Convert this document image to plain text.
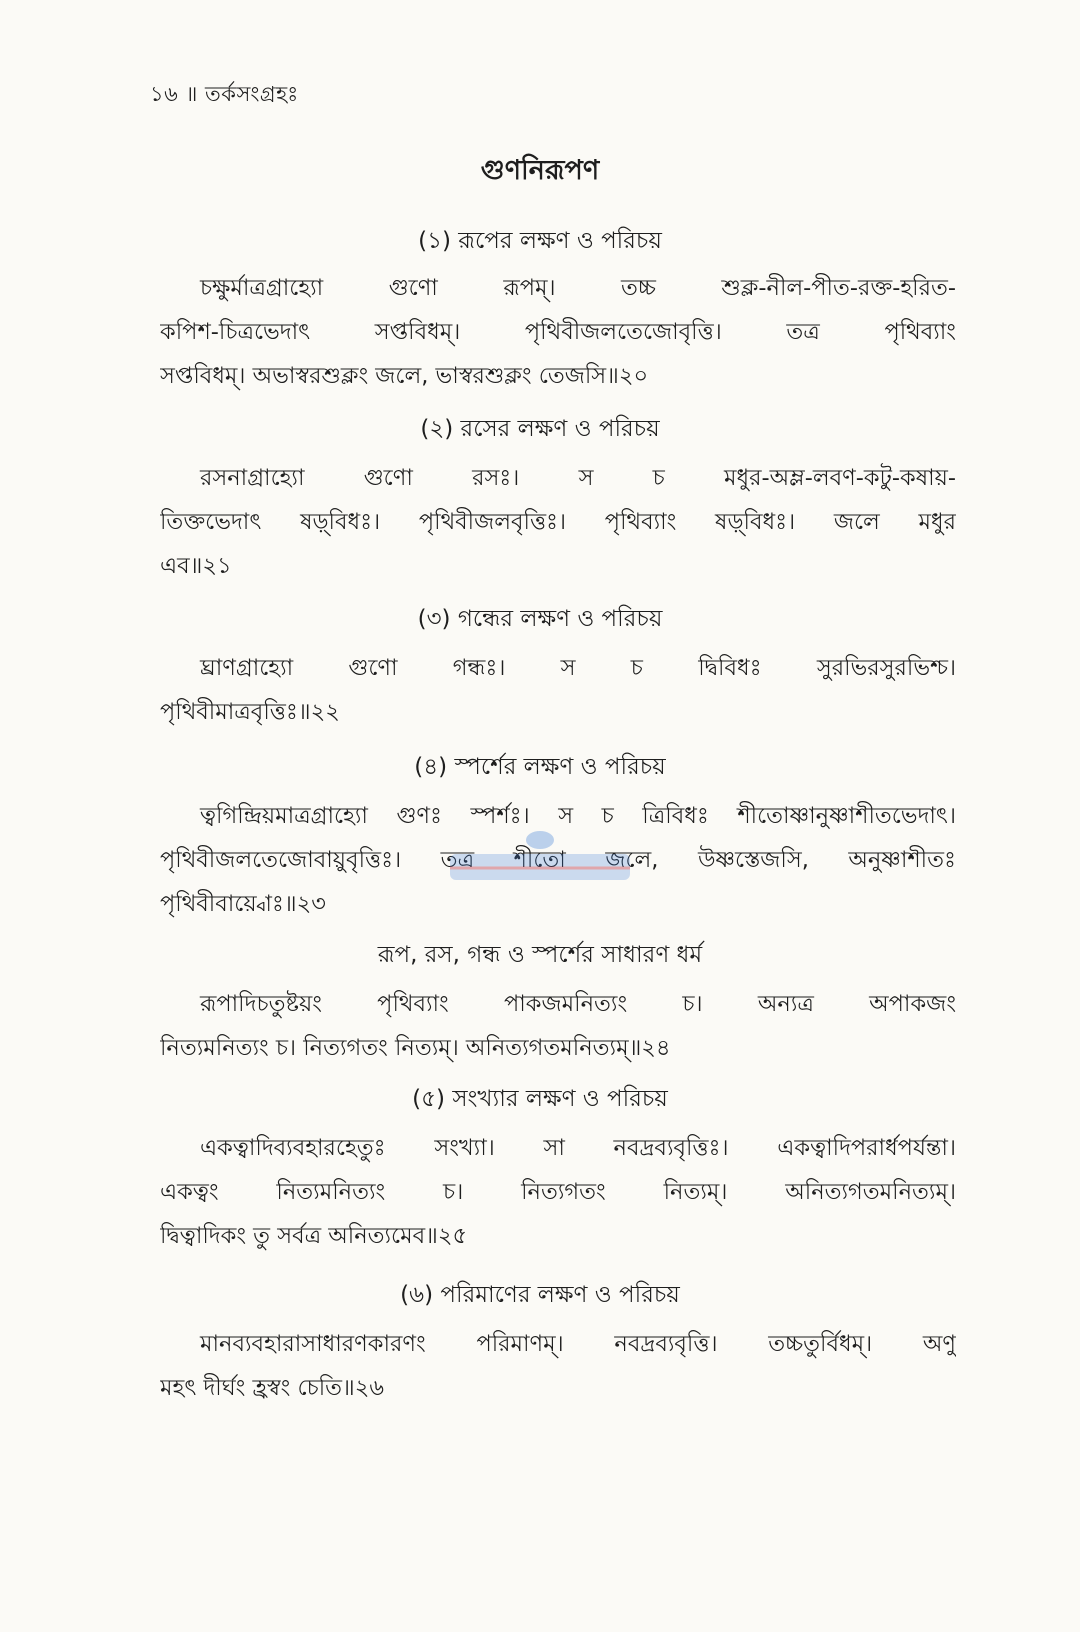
১৬ ॥ তর্কসংগ্রহঃ
গুণনিরূপণ
(১) রূপের লক্ষণ ও পরিচয়
চক্ষুর্মাত্রগ্রাহ্যো গুণো রূপম্। তচ্চ শুক্ল-নীল-পীত-রক্ত-হরিত-
কপিশ-চিত্রভেদাৎ সপ্তবিধম্। পৃথিবীজলতেজোবৃত্তি। তত্র পৃথিব্যাং
সপ্তবিধম্। অভাস্বরশুক্লং জলে, ভাস্বরশুক্লং তেজসি॥২০
(২) রসের লক্ষণ ও পরিচয়
রসনাগ্রাহ্যো গুণো রসঃ। স চ মধুর-অম্ল-লবণ-কটু-কষায়-
তিক্তভেদাৎ ষড়্‌বিধঃ। পৃথিবীজলবৃত্তিঃ। পৃথিব্যাং ষড়্‌বিধঃ। জলে মধুর
এব॥২১
(৩) গন্ধের লক্ষণ ও পরিচয়
ঘ্রাণগ্রাহ্যো গুণো গন্ধঃ। স চ দ্বিবিধঃ সুরভিরসুরভিশ্চ।
পৃথিবীমাত্রবৃত্তিঃ॥২২
(৪) স্পর্শের লক্ষণ ও পরিচয়
ত্বগিন্দ্রিয়মাত্রগ্রাহ্যো গুণঃ স্পর্শঃ। স চ ত্রিবিধঃ শীতোষ্ণানুষ্ণাশীতভেদাৎ।
পৃথিবীজলতেজোবায়ুবৃত্তিঃ। তত্র শীতো জলে, উষ্ণস্তেজসি, অনুষ্ণাশীতঃ
পৃথিবীবায়্বোঃ॥২৩
রূপ, রস, গন্ধ ও স্পর্শের সাধারণ ধর্ম
রূপাদিচতুষ্টয়ং পৃথিব্যাং পাকজমনিত্যং চ। অন্যত্র অপাকজং
নিত্যমনিত্যং চ। নিত্যগতং নিত্যম্। অনিত্যগতমনিত্যম্॥২৪
(৫) সংখ্যার লক্ষণ ও পরিচয়
একত্বাদিব্যবহারহেতুঃ সংখ্যা। সা নবদ্রব্যবৃত্তিঃ। একত্বাদিপরার্ধপর্যন্তা।
একত্বং নিত্যমনিত্যং চ। নিত্যগতং নিত্যম্। অনিত্যগতমনিত্যম্।
দ্বিত্বাদিকং তু সর্বত্র অনিত্যমেব॥২৫
(৬) পরিমাণের লক্ষণ ও পরিচয়
মানব্যবহারাসাধারণকারণং পরিমাণম্। নবদ্রব্যবৃত্তি। তচ্চতুর্বিধম্। অণু
মহৎ দীর্ঘং হ্রস্বং চেতি॥২৬
